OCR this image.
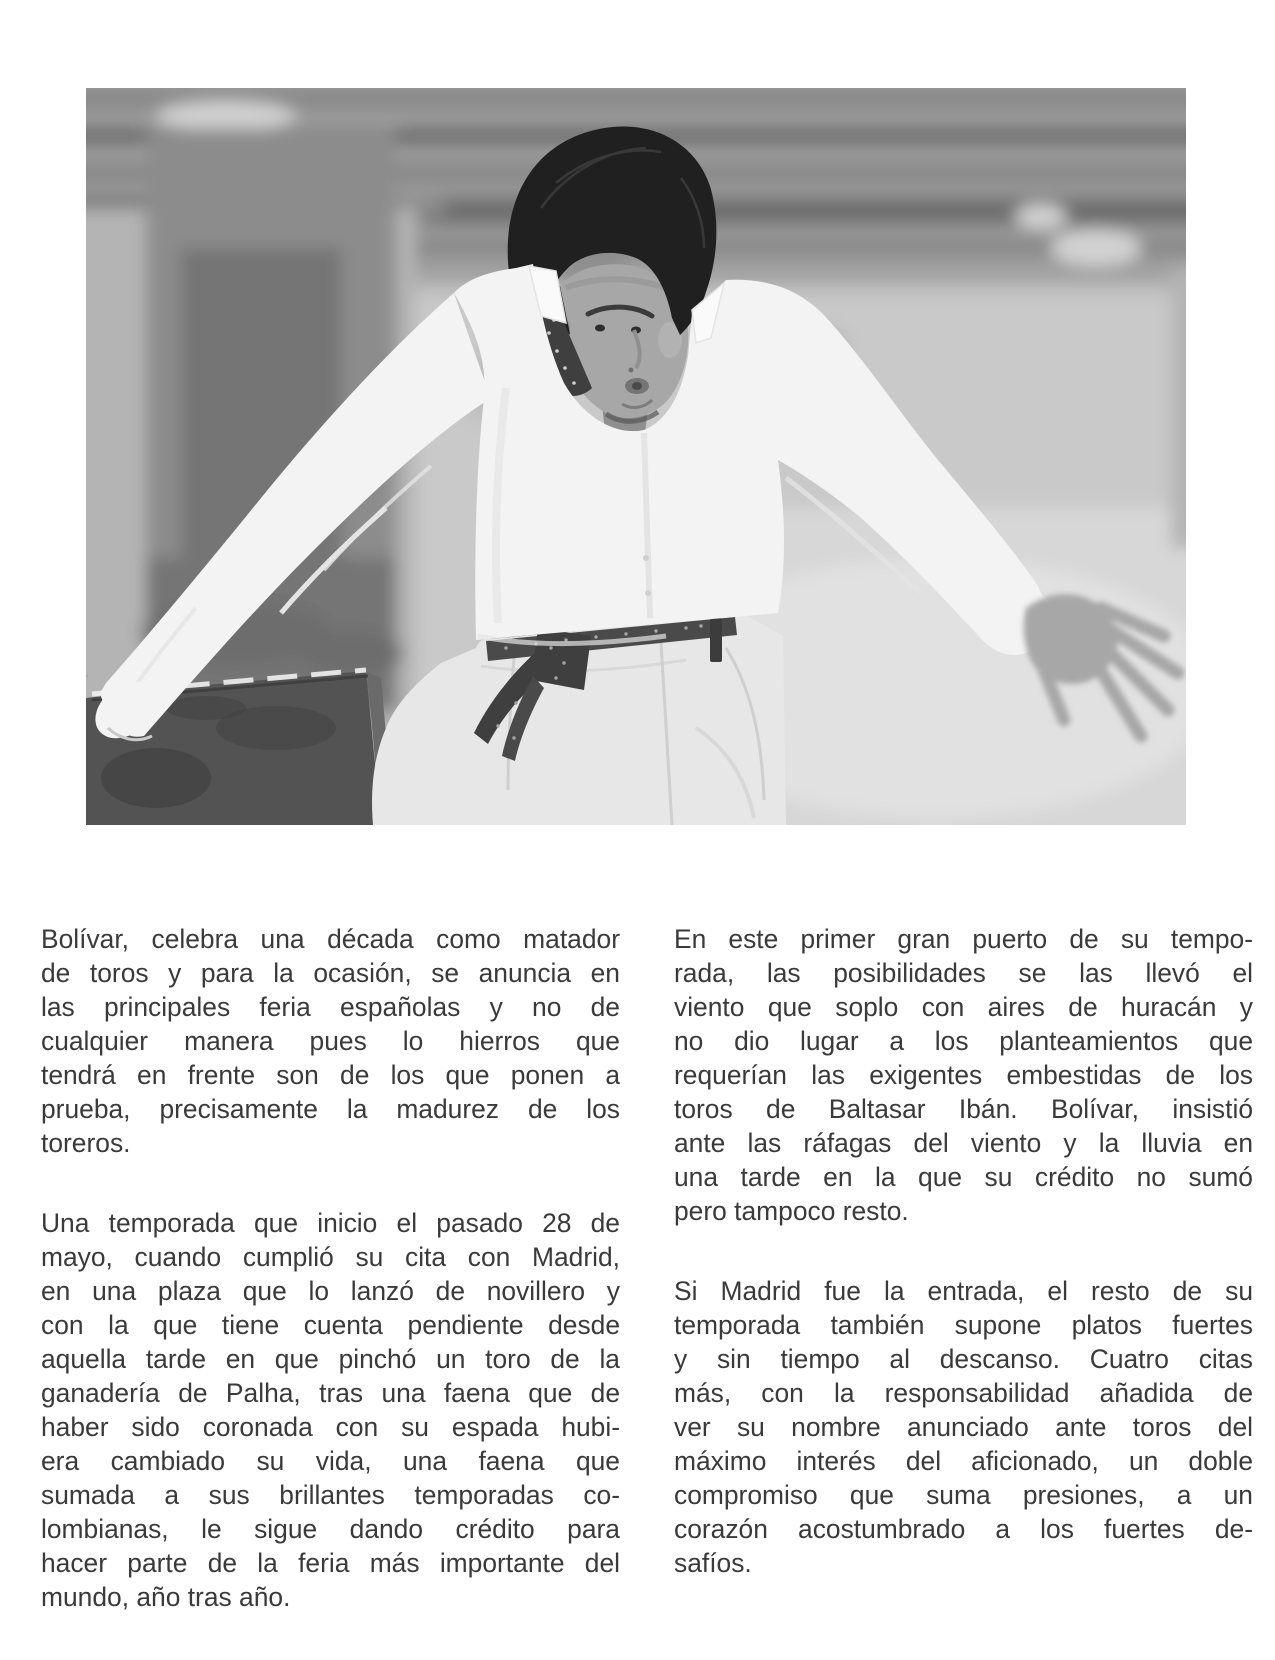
Bolívar, celebra una década como matador
de toros y para la ocasión, se anuncia en
las principales feria españolas y no de
cualquier manera pues lo hierros que
tendrá en frente son de los que ponen a
prueba, precisamente la madurez de los
toreros.
Una temporada que inicio el pasado 28 de
mayo, cuando cumplió su cita con Madrid,
en una plaza que lo lanzó de novillero y
con la que tiene cuenta pendiente desde
aquella tarde en que pinchó un toro de la
ganadería de Palha, tras una faena que de
haber sido coronada con su espada hubi-
era cambiado su vida, una faena que
sumada a sus brillantes temporadas co-
lombianas, le sigue dando crédito para
hacer parte de la feria más importante del
mundo, año tras año.
En este primer gran puerto de su tempo-
rada, las posibilidades se las llevó el
viento que soplo con aires de huracán y
no dio lugar a los planteamientos que
requerían las exigentes embestidas de los
toros de Baltasar Ibán. Bolívar, insistió
ante las ráfagas del viento y la lluvia en
una tarde en la que su crédito no sumó
pero tampoco resto.
Si Madrid fue la entrada, el resto de su
temporada también supone platos fuertes
y sin tiempo al descanso. Cuatro citas
más, con la responsabilidad añadida de
ver su nombre anunciado ante toros del
máximo interés del aficionado, un doble
compromiso que suma presiones, a un
corazón acostumbrado a los fuertes de-
safíos.
